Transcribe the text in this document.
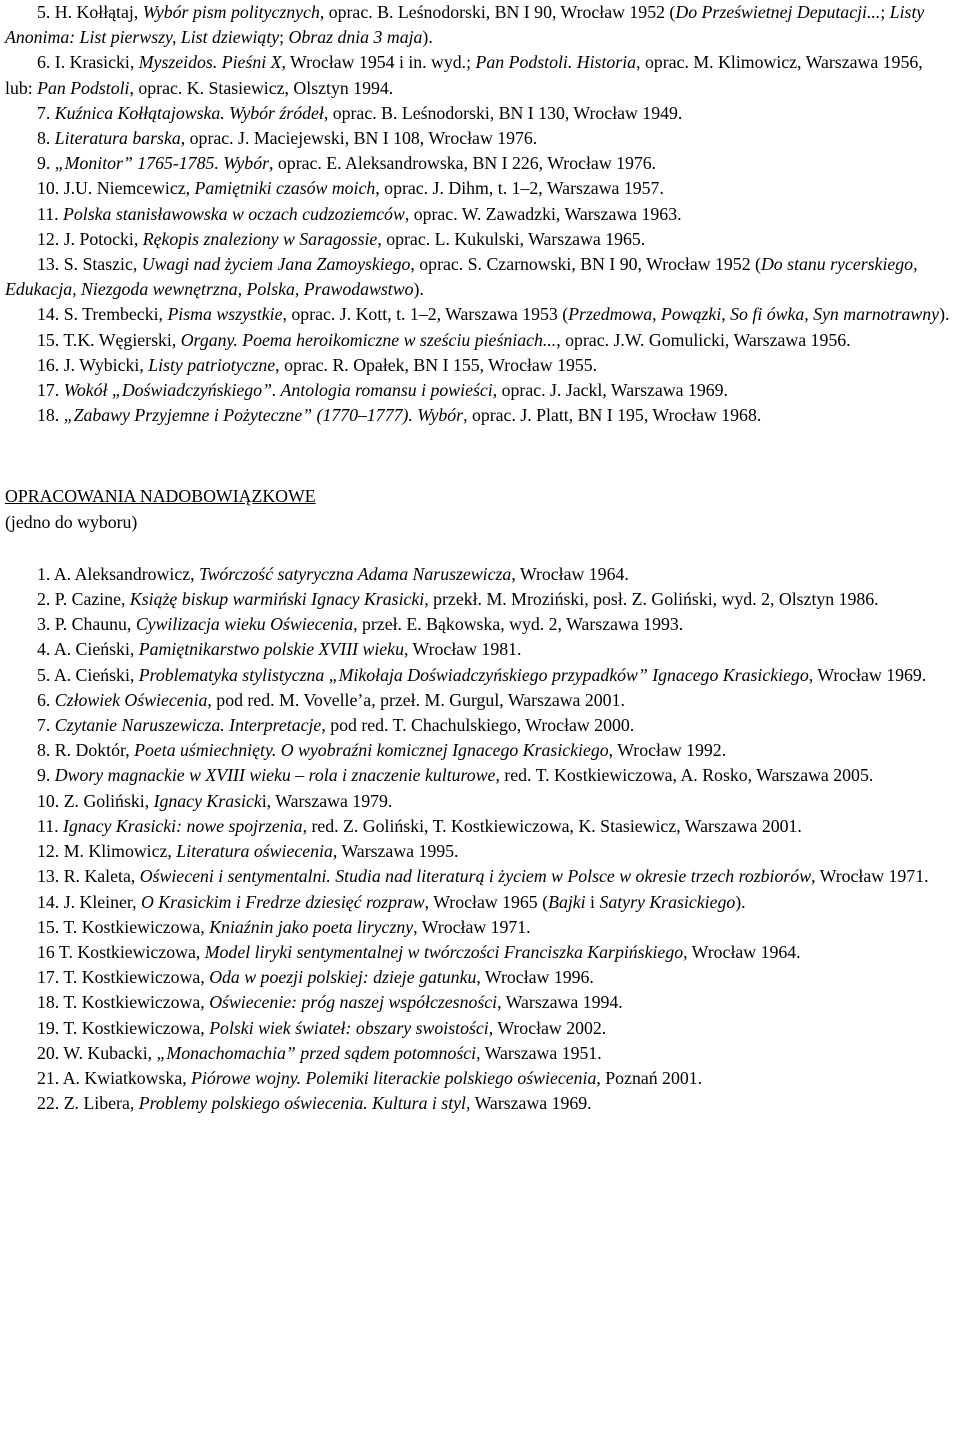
5. H. Kołłątaj, Wybór pism politycznych, oprac. B. Leśnodorski, BN I 90, Wrocław 1952 (Do Prześwietnej Deputacji...; Listy Anonima: List pierwszy, List dziewiąty; Obraz dnia 3 maja).
6. I. Krasicki, Myszeidos. Pieśni X, Wrocław 1954 i in. wyd.; Pan Podstoli. Historia, oprac. M. Klimowicz, Warszawa 1956, lub: Pan Podstoli, oprac. K. Stasiewicz, Olsztyn 1994.
7. Kuźnica Kołłątajowska. Wybór źródeł, oprac. B. Leśnodorski, BN I 130, Wrocław 1949.
8. Literatura barska, oprac. J. Maciejewski, BN I 108, Wrocław 1976.
9. „Monitor” 1765-1785. Wybór, oprac. E. Aleksandrowska, BN I 226, Wrocław 1976.
10. J.U. Niemcewicz, Pamiętniki czasów moich, oprac. J. Dihm, t. 1–2, Warszawa 1957.
11. Polska stanisławowska w oczach cudzoziemców, oprac. W. Zawadzki, Warszawa 1963.
12. J. Potocki, Rękopis znaleziony w Saragossie, oprac. L. Kukulski, Warszawa 1965.
13. S. Staszic, Uwagi nad życiem Jana Zamoyskiego, oprac. S. Czarnowski, BN I 90, Wrocław 1952 (Do stanu rycerskiego, Edukacja, Niezgoda wewnętrzna, Polska, Prawodawstwo).
14. S. Trembecki, Pisma wszystkie, oprac. J. Kott, t. 1–2, Warszawa 1953 (Przedmowa, Powązki, So fi ówka, Syn marnotrawny).
15. T.K. Węgierski, Organy. Poema heroikomiczne w sześciu pieśniach..., oprac. J.W. Gomulicki, Warszawa 1956.
16. J. Wybicki, Listy patriotyczne, oprac. R. Opałek, BN I 155, Wrocław 1955.
17. Wokół „Doświadczyńskiego”. Antologia romansu i powieści, oprac. J. Jackl, Warszawa 1969.
18. „Zabawy Przyjemne i Pożyteczne” (1770–1777). Wybór, oprac. J. Platt, BN I 195, Wrocław 1968.
OPRACOWANIA NADOBOWIĄZKOWE
(jedno do wyboru)
1. A. Aleksandrowicz, Twórczość satyryczna Adama Naruszewicza, Wrocław 1964.
2. P. Cazine, Książę biskup warmiński Ignacy Krasicki, przekł. M. Mroziński, posł. Z. Goliński, wyd. 2, Olsztyn 1986.
3. P. Chaunu, Cywilizacja wieku Oświecenia, przeł. E. Bąkowska, wyd. 2, Warszawa 1993.
4. A. Cieński, Pamiętnikarstwo polskie XVIII wieku, Wrocław 1981.
5. A. Cieński, Problematyka stylistyczna „Mikołaja Doświadczyńskiego przypadków” Ignacego Krasickiego, Wrocław 1969.
6. Człowiek Oświecenia, pod red. M. Vovelle’a, przeł. M. Gurgul, Warszawa 2001.
7. Czytanie Naruszewicza. Interpretacje, pod red. T. Chachulskiego, Wrocław 2000.
8. R. Doktór, Poeta uśmiechnięty. O wyobraźni komicznej Ignacego Krasickiego, Wrocław 1992.
9. Dwory magnackie w XVIII wieku – rola i znaczenie kulturowe, red. T. Kostkiewiczowa, A. Rosko, Warszawa 2005.
10. Z. Goliński, Ignacy Krasicki, Warszawa 1979.
11. Ignacy Krasicki: nowe spojrzenia, red. Z. Goliński, T. Kostkiewiczowa, K. Stasiewicz, Warszawa 2001.
12. M. Klimowicz, Literatura oświecenia, Warszawa 1995.
13. R. Kaleta, Oświeceni i sentymentalni. Studia nad literaturą i życiem w Polsce w okresie trzech rozbiorów, Wrocław 1971.
14. J. Kleiner, O Krasickim i Fredrze dziesięć rozpraw, Wrocław 1965 (Bajki i Satyry Krasickiego).
15. T. Kostkiewiczowa, Kniaźnin jako poeta liryczny, Wrocław 1971.
16 T. Kostkiewiczowa, Model liryki sentymentalnej w twórczości Franciszka Karpińskiego, Wrocław 1964.
17. T. Kostkiewiczowa, Oda w poezji polskiej: dzieje gatunku, Wrocław 1996.
18. T. Kostkiewiczowa, Oświecenie: próg naszej współczesności, Warszawa 1994.
19. T. Kostkiewiczowa, Polski wiek świateł: obszary swoistości, Wrocław 2002.
20. W. Kubacki, „Monachomachia” przed sądem potomności, Warszawa 1951.
21. A. Kwiatkowska, Piórowe wojny. Polemiki literackie polskiego oświecenia, Poznań 2001.
22. Z. Libera, Problemy polskiego oświecenia. Kultura i styl, Warszawa 1969.
